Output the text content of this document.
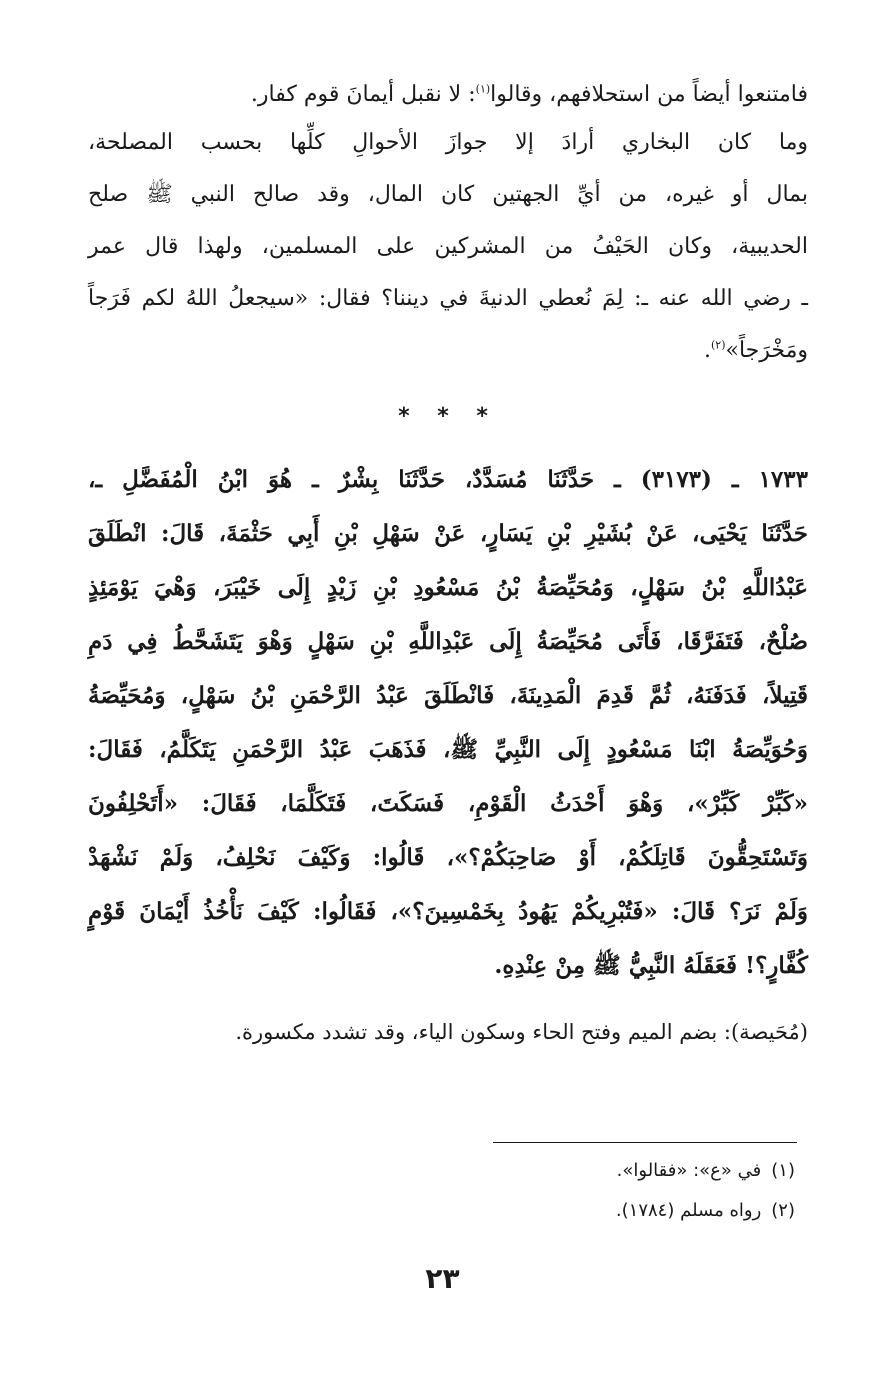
فامتنعوا أيضاً من استحلافهم، وقالوا$^{(١)}$: لا نقبل أيمانَ قوم كفار.
وما كان البخاري أرادَ إلا جوازَ الأحوالِ كلِّها بحسب المصلحة،
بمال أو غيره، من أيِّ الجهتين كان المال، وقد صالح النبي ﷺ صلح
الحديبية، وكان الحَيْفُ من المشركين على المسلمين، ولهذا قال عمر
ـ رضي الله عنه ـ: لِمَ نُعطي الدنيةَ في ديننا؟ فقال: «سيجعلُ اللهُ لكم فَرَجاً
ومَخْرَجاً»$^{(٢)}$.
* * *
١٧٣٣ ـ (٣١٧٣) ـ حَدَّثَنَا مُسَدَّدٌ، حَدَّثَنَا بِشْرٌ ـ هُوَ ابْنُ الْمُفَضَّلِ ـ،
حَدَّثَنَا يَحْيَى، عَنْ بُشَيْرِ بْنِ يَسَارٍ، عَنْ سَهْلِ بْنِ أَبِي حَثْمَةَ، قَالَ: انْطَلَقَ
عَبْدُاللَّهِ بْنُ سَهْلٍ، وَمُحَيِّصَةُ بْنُ مَسْعُودِ بْنِ زَيْدٍ إِلَى خَيْبَرَ، وَهْيَ يَوْمَئِذٍ
صُلْحٌ، فَتَفَرَّقَا، فَأَتَى مُحَيِّصَةُ إِلَى عَبْدِاللَّهِ بْنِ سَهْلٍ وَهْوَ يَتَشَحَّطُ فِي دَمِ
قَتِيلاً، فَدَفَنَهُ، ثُمَّ قَدِمَ الْمَدِينَةَ، فَانْطَلَقَ عَبْدُ الرَّحْمَنِ بْنُ سَهْلٍ، وَمُحَيِّصَةُ
وَحُوَيِّصَةُ ابْنَا مَسْعُودٍ إِلَى النَّبِيِّ ﷺ، فَذَهَبَ عَبْدُ الرَّحْمَنِ يَتَكَلَّمُ، فَقَالَ:
«كَبِّرْ كَبِّرْ»، وَهْوَ أَحْدَثُ الْقَوْمِ، فَسَكَتَ، فَتَكَلَّمَا، فَقَالَ: «أَتَحْلِفُونَ
وَتَسْتَحِقُّونَ قَاتِلَكُمْ، أَوْ صَاحِبَكُمْ؟»، قَالُوا: وَكَيْفَ نَحْلِفُ، وَلَمْ نَشْهَدْ
وَلَمْ نَرَ؟ قَالَ: «فَتُبْرِيكُمْ يَهُودُ بِخَمْسِينَ؟»، فَقَالُوا: كَيْفَ نَأْخُذُ أَيْمَانَ قَوْمٍ
كُفَّارٍ؟! فَعَقَلَهُ النَّبِيُّ ﷺ مِنْ عِنْدِهِ.
(مُحَيصة): بضم الميم وفتح الحاء وسكون الياء، وقد تشدد مكسورة.
(١)في «ع»: «فقالوا».
(٢)رواه مسلم (١٧٨٤).
٢٣
